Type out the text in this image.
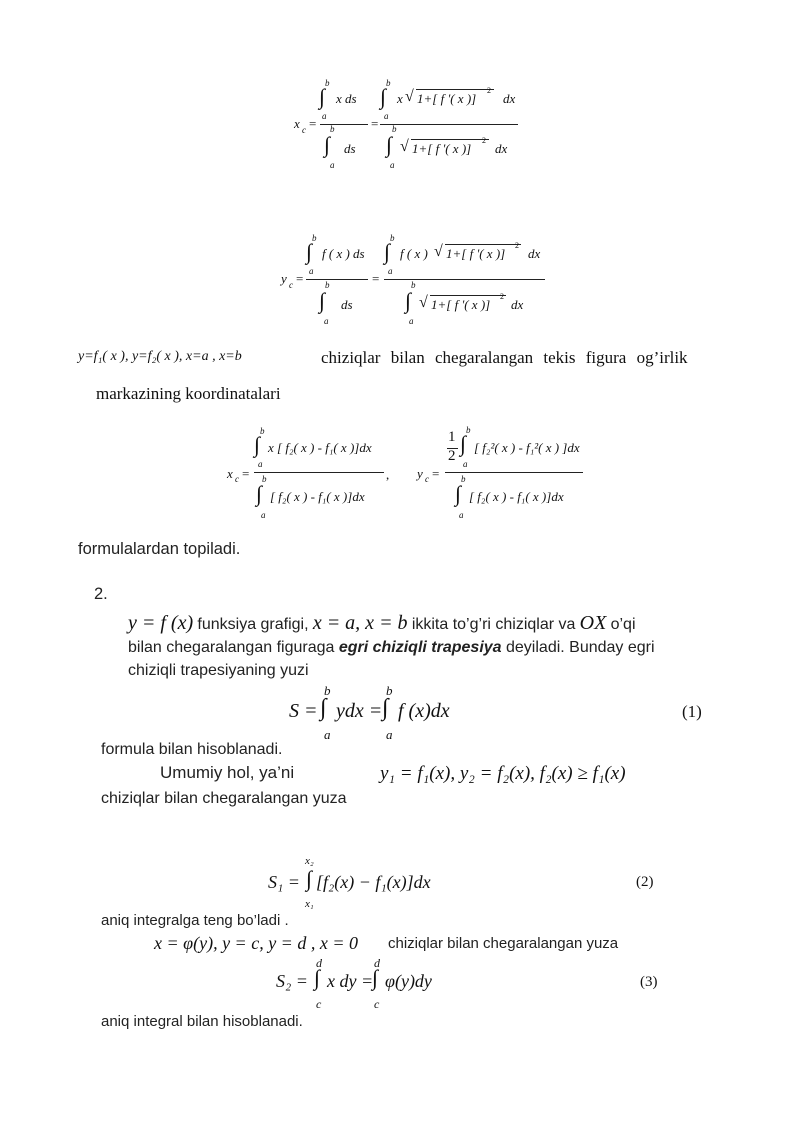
x c =
b
∫
a
x ds
b
∫
a
ds
=
b
∫
a
x √ 1+[ f '( x )]
2
dx
b
∫
a
√ 1+[ f '( x )]
2
dx
y c =
b
∫
a
f ( x ) ds
b
∫
a
ds
=
b
∫
a
f ( x ) √ 1+[ f '( x )]
2
dx
b
∫
a
√ 1+[ f '( x )]
2
dx
y=f₁( x ), y=f₂( x ), x=a , x=b	chiziqlar bilan chegaralangan tekis figura og’irlik
markazining koordinatalari
x c =
b
∫
a
x [ f₂( x ) - f₁( x )]dx
b
∫
a
[ f₂( x ) - f₁( x )]dx
, y c =
1
2
b
∫
a
[ f₂²( x ) - f₁²( x ) ]dx
b
∫
a
[ f₂( x ) - f₁( x )]dx
formulalardan topiladi.
2.
y = f (x) funksiya grafigi, x = a, x = b ikkita to’g’ri chiziqlar va OX o’qi
bilan chegaralangan figuraga egri chiziqli trapesiya deyiladi. Bunday egri
chiziqli trapesiyaning yuzi
S =
b
∫
a
ydx =
b
∫
a
f (x)dx	(1)
formula bilan hisoblanadi.
Umumiy hol, ya’ni	y₁ = f₁(x), y₂ = f₂(x), f₂(x) ≥ f₁(x)
chiziqlar bilan chegaralangan yuza
S₁ =
x₂
∫
x₁
[f₂(x) − f₁(x)]dx	(2)
aniq integralga teng bo’ladi .
x = φ(y), y = c, y = d , x = 0 chiziqlar bilan chegaralangan yuza
S₂ =
d
∫
c
x dy =
d
∫
c
φ(y)dy	(3)
aniq integral bilan hisoblanadi.
